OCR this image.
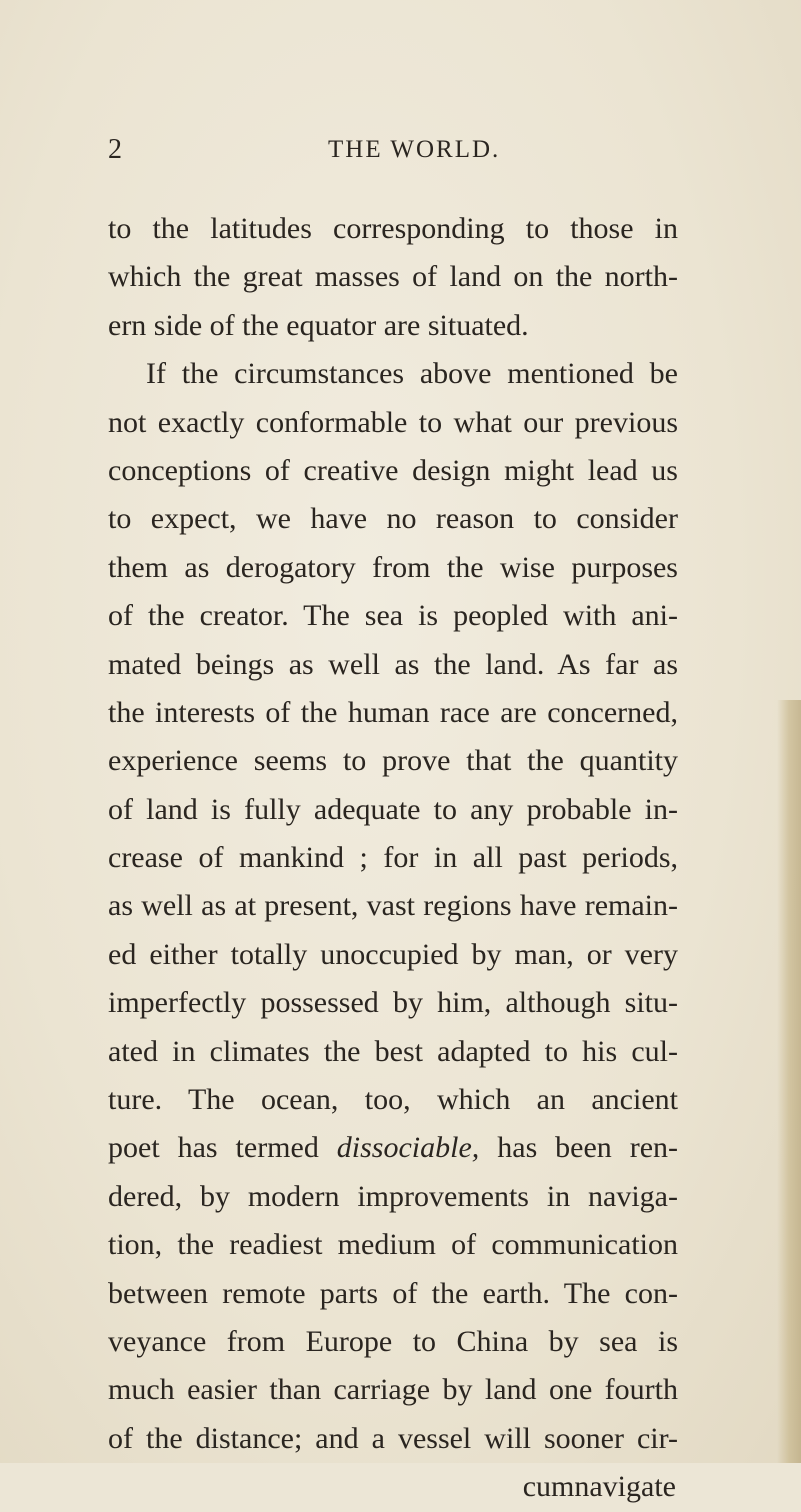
2	THE WORLD.
to the latitudes corresponding to those in
which the great masses of land on the north-
ern side of the equator are situated.
If the circumstances above mentioned be
not exactly conformable to what our previous
conceptions of creative design might lead us
to expect, we have no reason to consider
them as derogatory from the wise purposes
of the creator. The sea is peopled with ani-
mated beings as well as the land. As far as
the interests of the human race are concerned,
experience seems to prove that the quantity
of land is fully adequate to any probable in-
crease of mankind ; for in all past periods,
as well as at present, vast regions have remain-
ed either totally unoccupied by man, or very
imperfectly possessed by him, although situ-
ated in climates the best adapted to his cul-
ture. The ocean, too, which an ancient
poet has termed dissociable, has been ren-
dered, by modern improvements in naviga-
tion, the readiest medium of communication
between remote parts of the earth. The con-
veyance from Europe to China by sea is
much easier than carriage by land one fourth
of the distance; and a vessel will sooner cir-
cumnavigate
